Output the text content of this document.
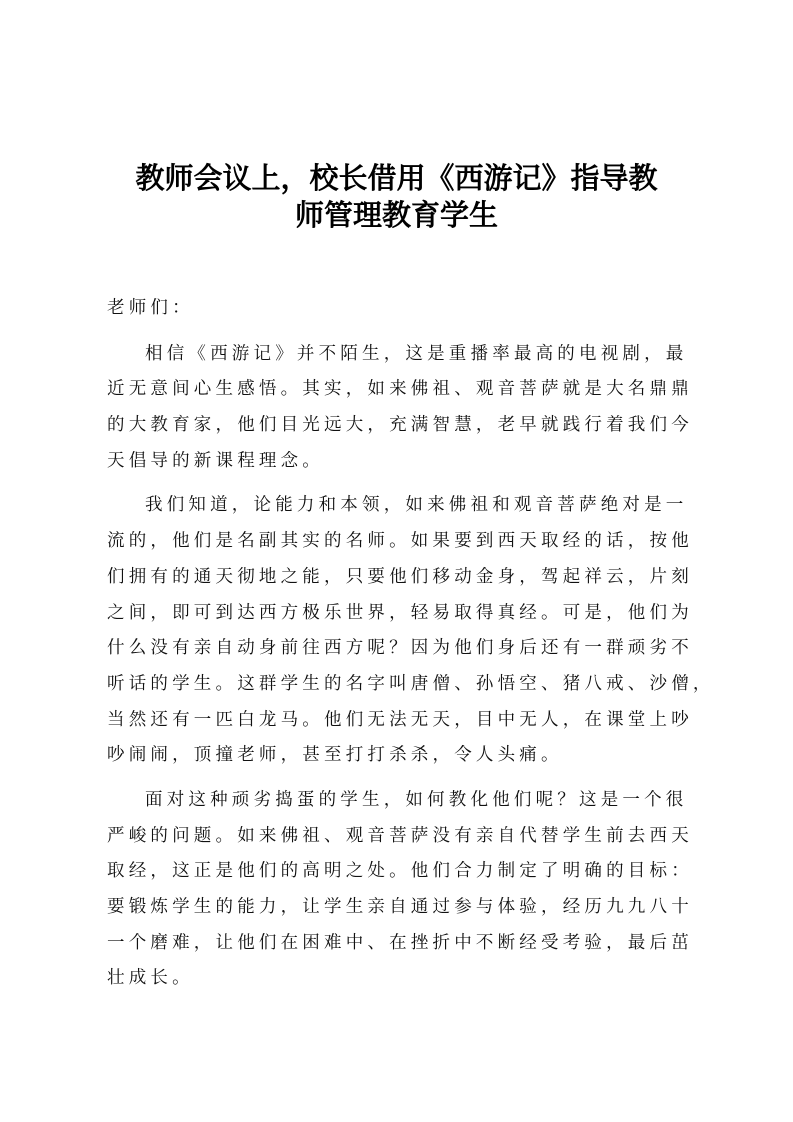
教师会议上，校长借用《西游记》指导教
师管理教育学生
老师们：
相信《西游记》并不陌生，这是重播率最高的电视剧，最
近无意间心生感悟。其实，如来佛祖、观音菩萨就是大名鼎鼎
的大教育家，他们目光远大，充满智慧，老早就践行着我们今
天倡导的新课程理念。
我们知道，论能力和本领，如来佛祖和观音菩萨绝对是一
流的，他们是名副其实的名师。如果要到西天取经的话，按他
们拥有的通天彻地之能，只要他们移动金身，驾起祥云，片刻
之间，即可到达西方极乐世界，轻易取得真经。可是，他们为
什么没有亲自动身前往西方呢？因为他们身后还有一群顽劣不
听话的学生。这群学生的名字叫唐僧、孙悟空、猪八戒、沙僧，
当然还有一匹白龙马。他们无法无天，目中无人，在课堂上吵
吵闹闹，顶撞老师，甚至打打杀杀，令人头痛。
面对这种顽劣捣蛋的学生，如何教化他们呢？这是一个很
严峻的问题。如来佛祖、观音菩萨没有亲自代替学生前去西天
取经，这正是他们的高明之处。他们合力制定了明确的目标：
要锻炼学生的能力，让学生亲自通过参与体验，经历九九八十
一个磨难，让他们在困难中、在挫折中不断经受考验，最后茁
壮成长。
